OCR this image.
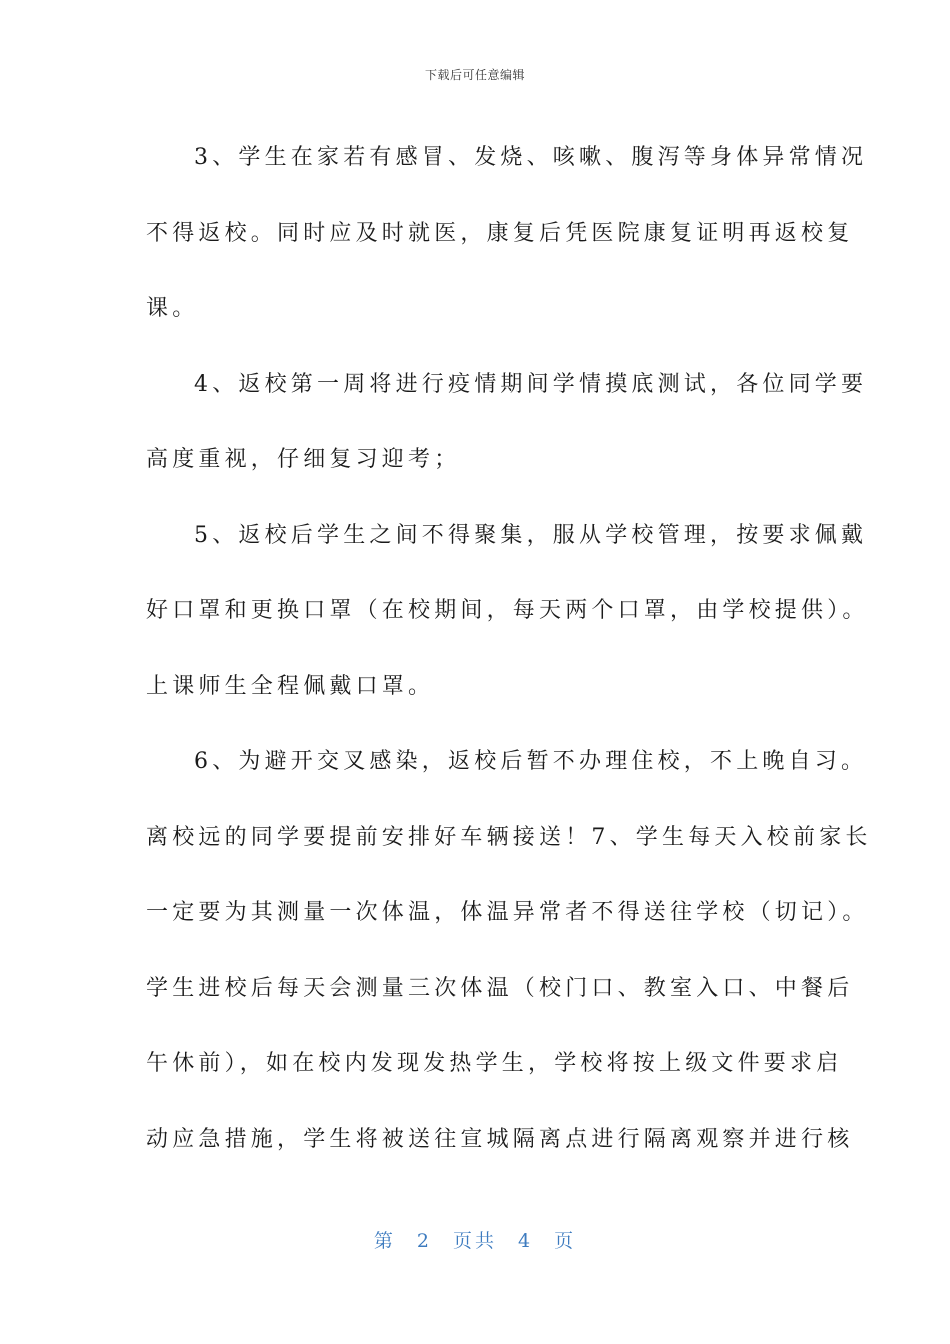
下载后可任意编辑
3、学生在家若有感冒、发烧、咳嗽、腹泻等身体异常情况
不得返校。同时应及时就医，康复后凭医院康复证明再返校复
课。
4、返校第一周将进行疫情期间学情摸底测试，各位同学要
高度重视，仔细复习迎考；
5、返校后学生之间不得聚集，服从学校管理，按要求佩戴
好口罩和更换口罩（在校期间，每天两个口罩，由学校提供）。
上课师生全程佩戴口罩。
6、为避开交叉感染，返校后暂不办理住校，不上晚自习。
离校远的同学要提前安排好车辆接送！7、学生每天入校前家长
一定要为其测量一次体温，体温异常者不得送往学校（切记）。
学生进校后每天会测量三次体温（校门口、教室入口、中餐后
午休前），如在校内发现发热学生，学校将按上级文件要求启
动应急措施，学生将被送往宣城隔离点进行隔离观察并进行核
第 2 页共 4 页
